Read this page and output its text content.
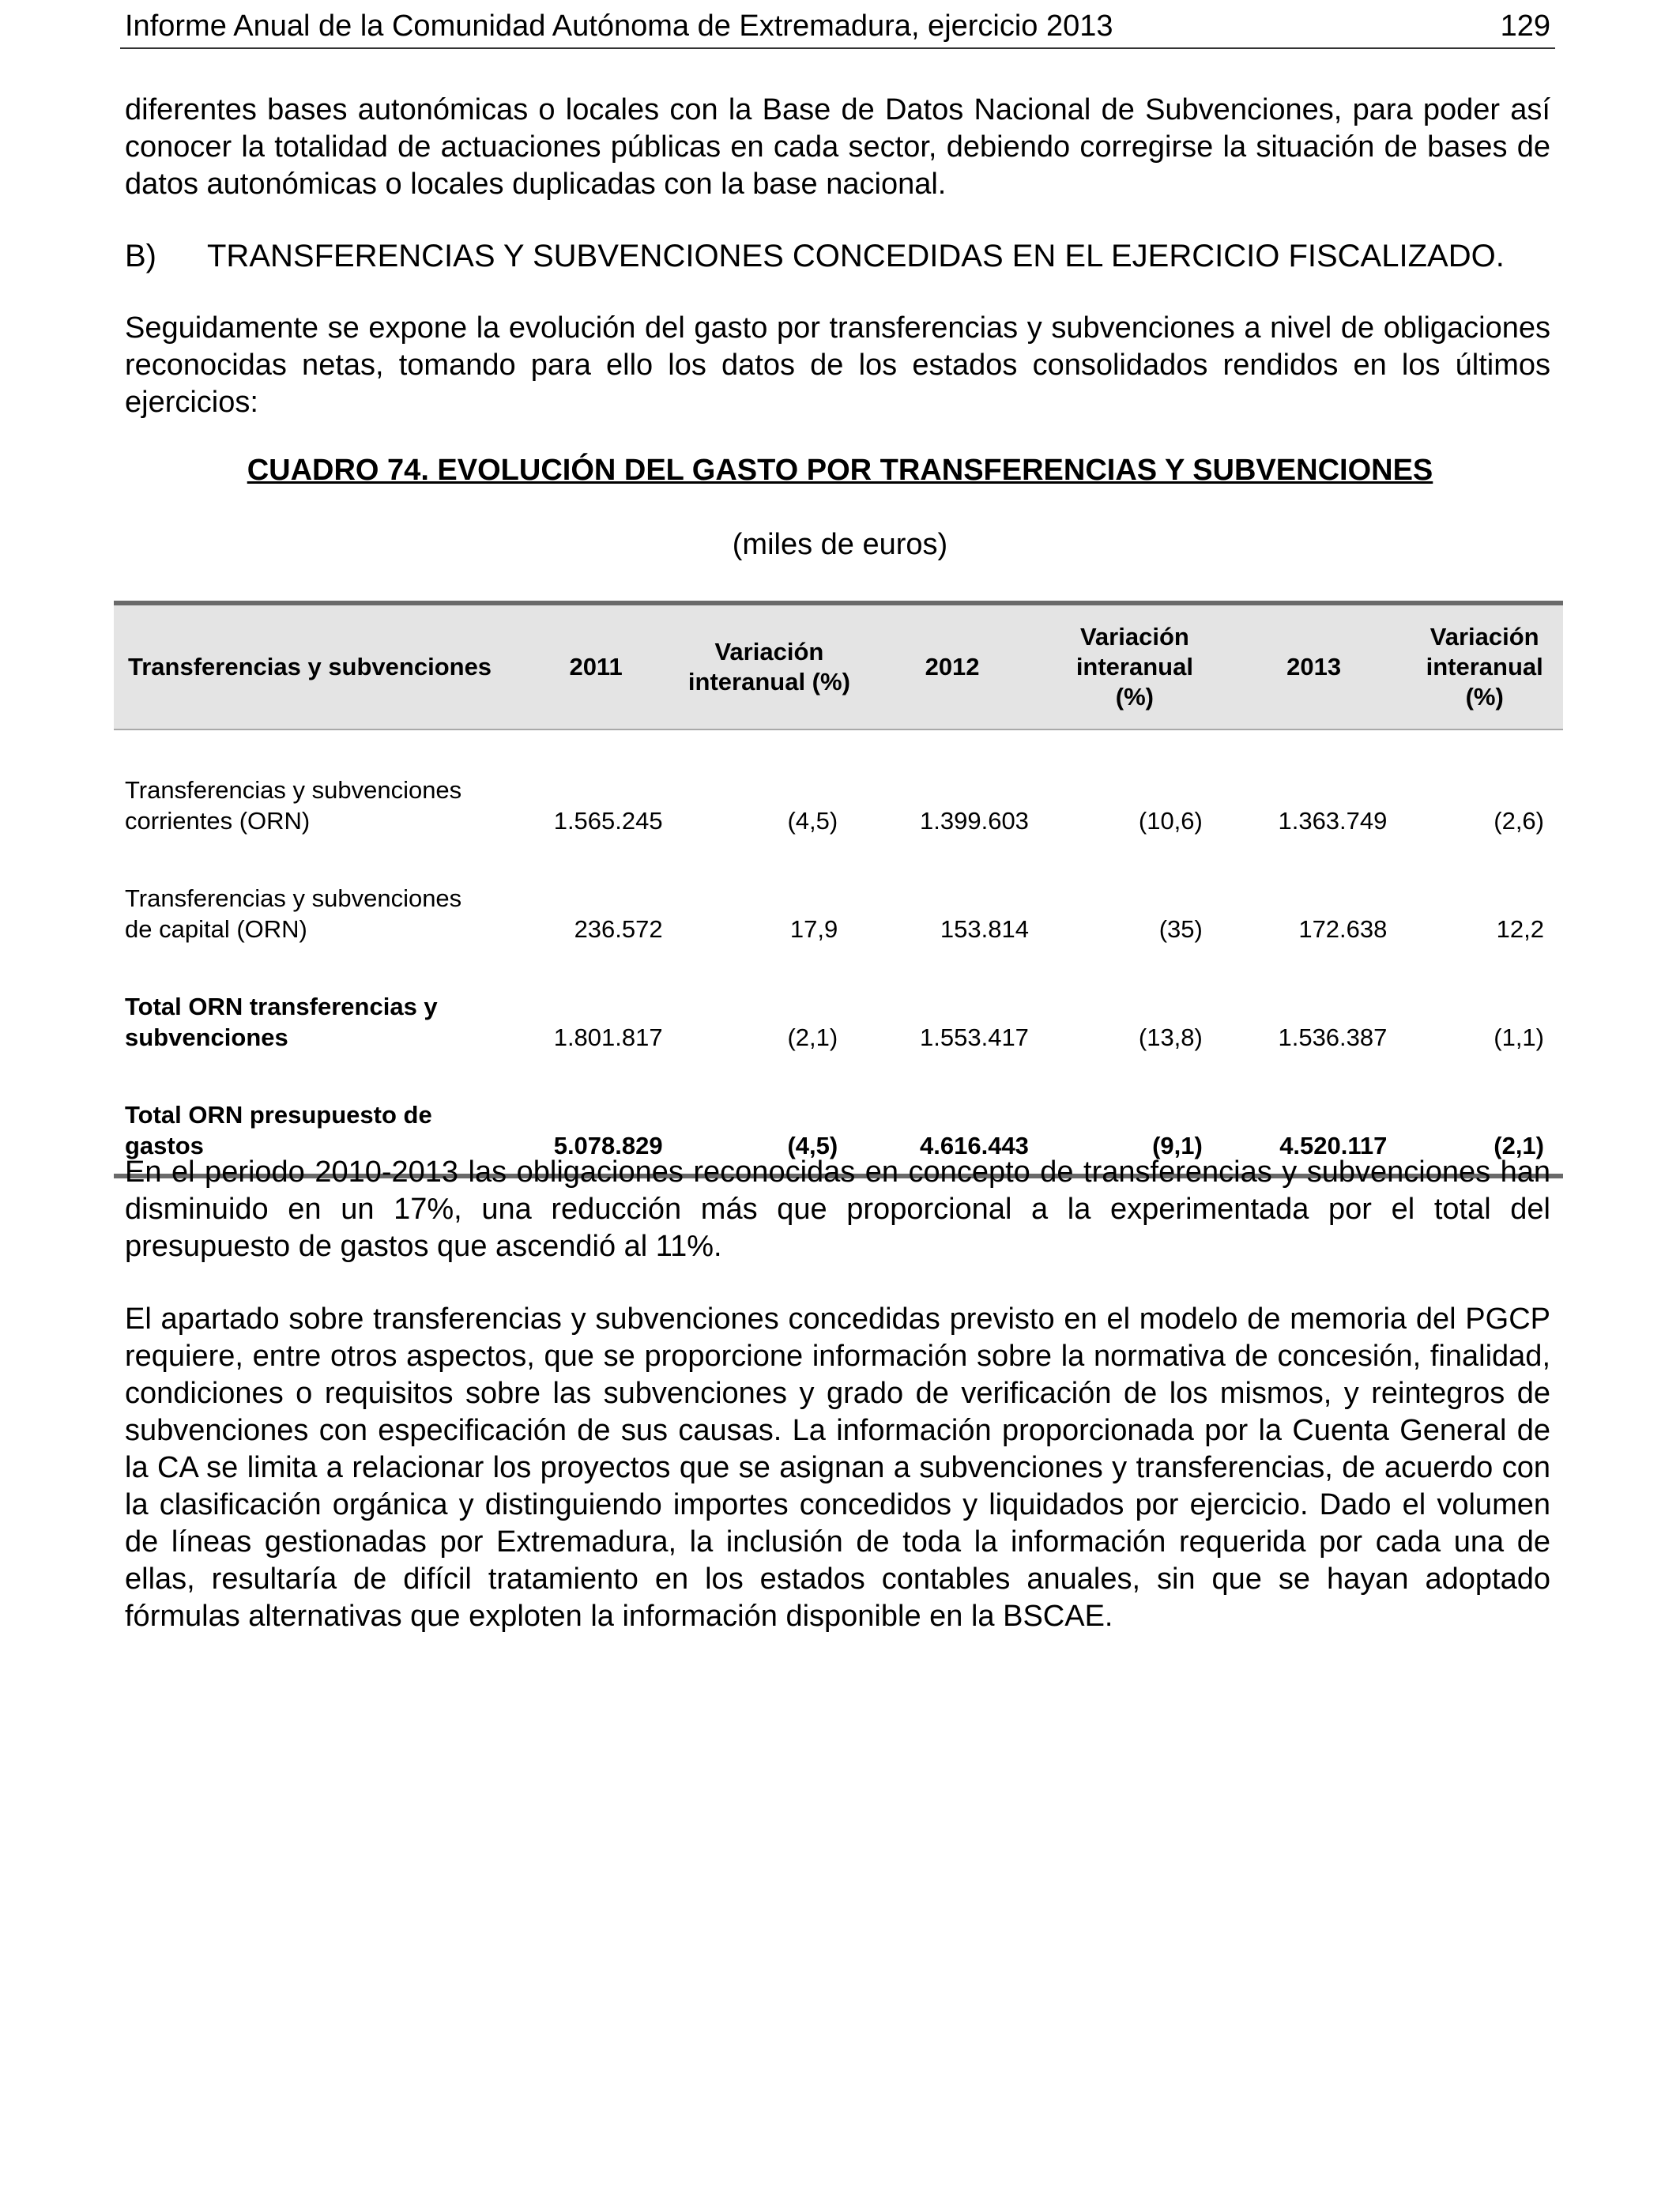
Informe Anual de la Comunidad Autónoma de Extremadura, ejercicio 2013	129

diferentes bases autonómicas o locales con la Base de Datos Nacional de Subvenciones, para poder así conocer la totalidad de actuaciones públicas en cada sector, debiendo corregirse la situación de bases de datos autonómicas o locales duplicadas con la base nacional.

B) TRANSFERENCIAS Y SUBVENCIONES CONCEDIDAS EN EL EJERCICIO FISCALIZADO.

Seguidamente se expone la evolución del gasto por transferencias y subvenciones a nivel de obligaciones reconocidas netas, tomando para ello los datos de los estados consolidados rendidos en los últimos ejercicios:

CUADRO 74. EVOLUCIÓN DEL GASTO POR TRANSFERENCIAS Y SUBVENCIONES
(miles de euros)
Transferencias y subvenciones	2011	Variación interanual (%)	2012	Variación interanual (%)	2013	Variación interanual (%)
Transferencias y subvenciones corrientes (ORN)	1.565.245	(4,5)	1.399.603	(10,6)	1.363.749	(2,6)
Transferencias y subvenciones de capital (ORN)	236.572	17,9	153.814	(35)	172.638	12,2
Total ORN transferencias y subvenciones	1.801.817	(2,1)	1.553.417	(13,8)	1.536.387	(1,1)
Total ORN presupuesto de gastos	5.078.829	(4,5)	4.616.443	(9,1)	4.520.117	(2,1)

En el periodo 2010-2013 las obligaciones reconocidas en concepto de transferencias y subvenciones han disminuido en un 17%, una reducción más que proporcional a la experimentada por el total del presupuesto de gastos que ascendió al 11%.

El apartado sobre transferencias y subvenciones concedidas previsto en el modelo de memoria del PGCP requiere, entre otros aspectos, que se proporcione información sobre la normativa de concesión, finalidad, condiciones o requisitos sobre las subvenciones y grado de verificación de los mismos, y reintegros de subvenciones con especificación de sus causas. La información proporcionada por la Cuenta General de la CA se limita a relacionar los proyectos que se asignan a subvenciones y transferencias, de acuerdo con la clasificación orgánica y distinguiendo importes concedidos y liquidados por ejercicio. Dado el volumen de líneas gestionadas por Extremadura, la inclusión de toda la información requerida por cada una de ellas, resultaría de difícil tratamiento en los estados contables anuales, sin que se hayan adoptado fórmulas alternativas que exploten la información disponible en la BSCAE.
